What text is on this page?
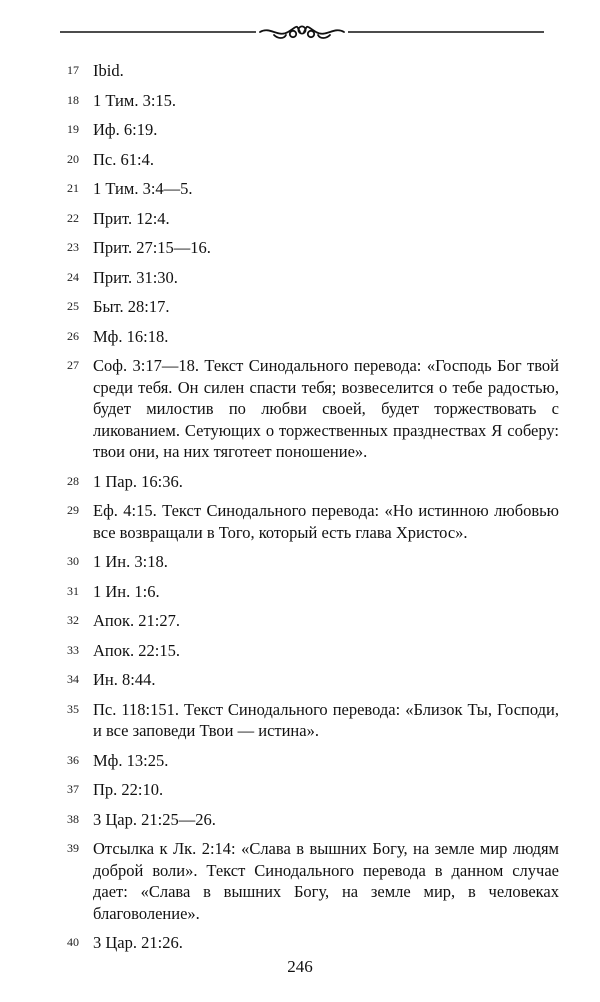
17 Ibid.
18 1 Тим. 3:15.
19 Иф. 6:19.
20 Пс. 61:4.
21 1 Тим. 3:4—5.
22 Прит. 12:4.
23 Прит. 27:15—16.
24 Прит. 31:30.
25 Быт. 28:17.
26 Мф. 16:18.
27 Соф. 3:17—18. Текст Синодального перевода: «Господь Бог твой среди тебя. Он силен спасти тебя; возвеселится о тебе радостью, будет милостив по любви своей, будет торжествовать с ликованием. Сетующих о торжественных празднествах Я соберу: твои они, на них тяготеет поношение».
28 1 Пар. 16:36.
29 Еф. 4:15. Текст Синодального перевода: «Но истинною любовью все возвращали в Того, который есть глава Христос».
30 1 Ин. 3:18.
31 1 Ин. 1:6.
32 Апок. 21:27.
33 Апок. 22:15.
34 Ин. 8:44.
35 Пс. 118:151. Текст Синодального перевода: «Близок Ты, Господи, и все заповеди Твои — истина».
36 Мф. 13:25.
37 Пр. 22:10.
38 3 Цар. 21:25—26.
39 Отсылка к Лк. 2:14: «Слава в вышних Богу, на земле мир людям доброй воли». Текст Синодального перевода в данном случае дает: «Слава в вышних Богу, на земле мир, в человеках благоволение».
40 3 Цар. 21:26.
246
